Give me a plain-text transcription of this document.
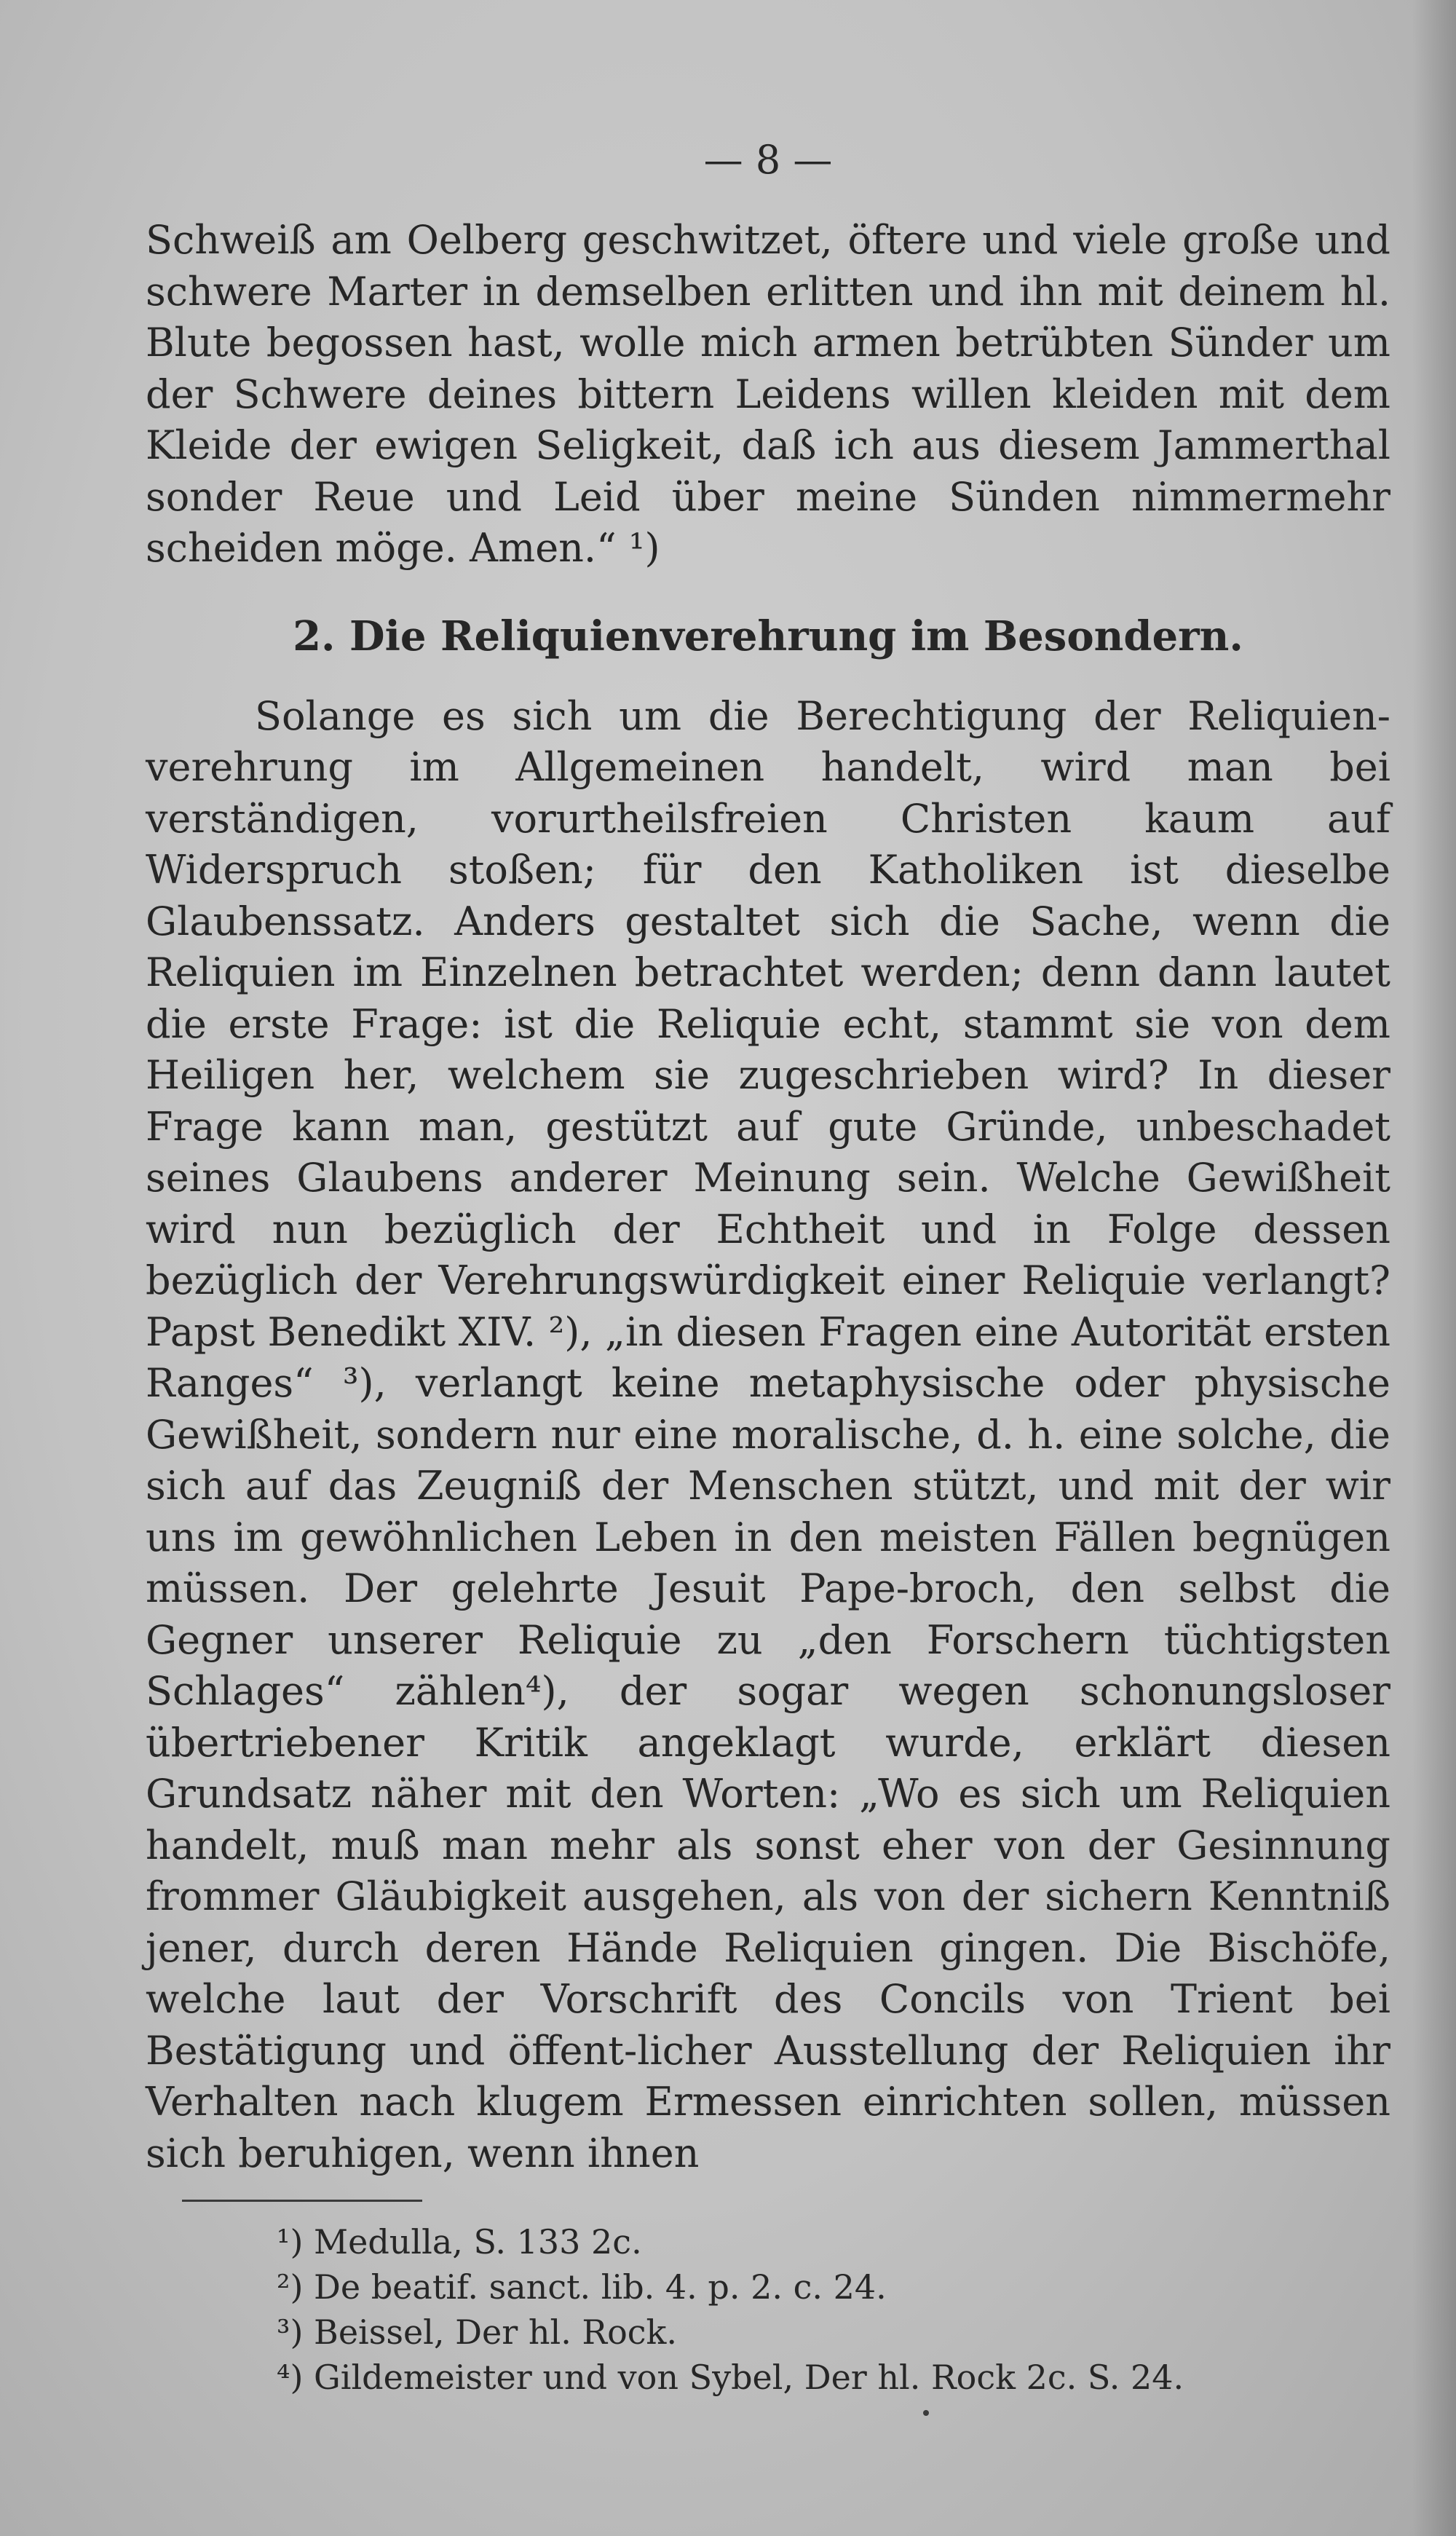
— 8 —

Schweiß am Oelberg geschwitzet, öftere und viele große und schwere Marter in demselben erlitten und ihn mit deinem hl. Blute begossen hast, wolle mich armen betrübten Sünder um der Schwere deines bittern Leidens willen kleiden mit dem Kleide der ewigen Seligkeit, daß ich aus diesem Jammerthal sonder Reue und Leid über meine Sünden nimmermehr scheiden möge. Amen.“ ¹)

2. Die Reliquienverehrung im Besondern.

Solange es sich um die Berechtigung der Reliquien-verehrung im Allgemeinen handelt, wird man bei verständigen, vorurtheilsfreien Christen kaum auf Widerspruch stoßen; für den Katholiken ist dieselbe Glaubenssatz. Anders gestaltet sich die Sache, wenn die Reliquien im Einzelnen betrachtet werden; denn dann lautet die erste Frage: ist die Reliquie echt, stammt sie von dem Heiligen her, welchem sie zugeschrieben wird? In dieser Frage kann man, gestützt auf gute Gründe, unbeschadet seines Glaubens anderer Meinung sein. Welche Gewißheit wird nun bezüglich der Echtheit und in Folge dessen bezüglich der Verehrungswürdigkeit einer Reliquie verlangt? Papst Benedikt XIV. ²), „in diesen Fragen eine Autorität ersten Ranges“ ³), verlangt keine metaphysische oder physische Gewißheit, sondern nur eine moralische, d. h. eine solche, die sich auf das Zeugniß der Menschen stützt, und mit der wir uns im gewöhnlichen Leben in den meisten Fällen begnügen müssen. Der gelehrte Jesuit Pape-broch, den selbst die Gegner unserer Reliquie zu „den Forschern tüchtigsten Schlages“ zählen⁴), der sogar wegen schonungsloser übertriebener Kritik angeklagt wurde, erklärt diesen Grundsatz näher mit den Worten: „Wo es sich um Reliquien handelt, muß man mehr als sonst eher von der Gesinnung frommer Gläubigkeit ausgehen, als von der sichern Kenntniß jener, durch deren Hände Reliquien gingen. Die Bischöfe, welche laut der Vorschrift des Concils von Trient bei Bestätigung und öffent-licher Ausstellung der Reliquien ihr Verhalten nach klugem Ermessen einrichten sollen, müssen sich beruhigen, wenn ihnen

¹) Medulla, S. 133 2c.

²) De beatif. sanct. lib. 4. p. 2. c. 24.

³) Beissel, Der hl. Rock.

⁴) Gildemeister und von Sybel, Der hl. Rock 2c. S. 24.
